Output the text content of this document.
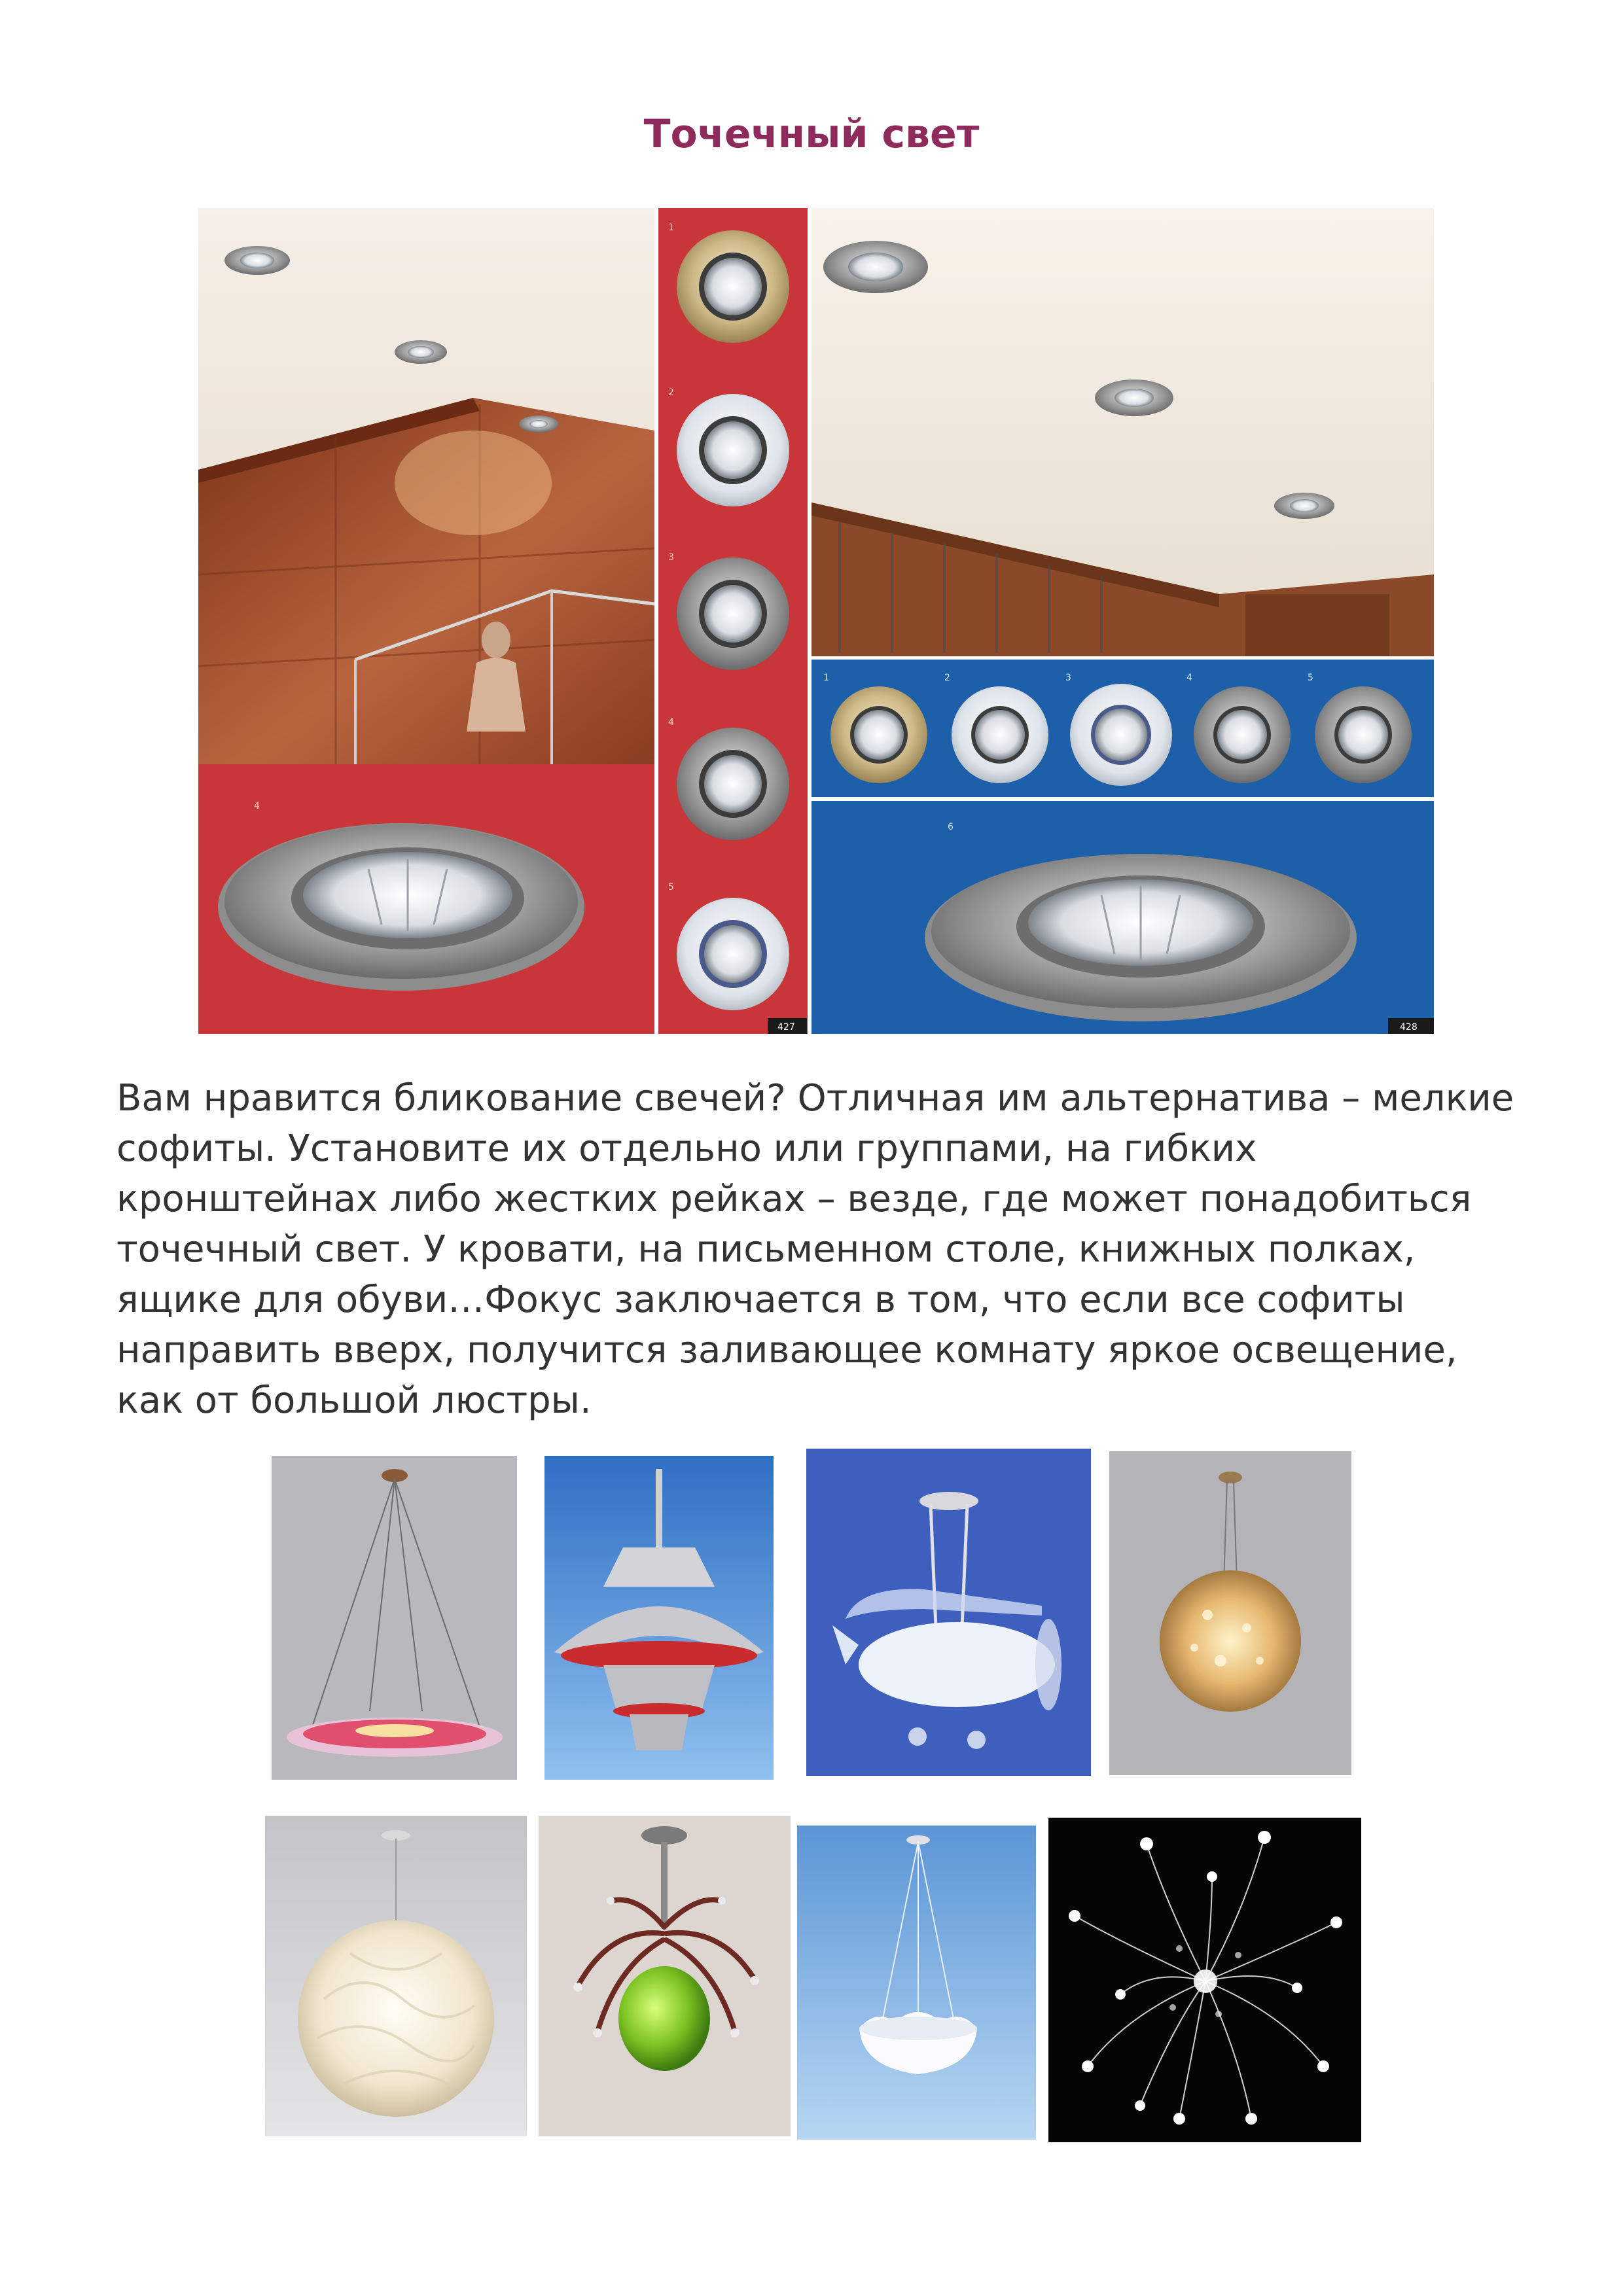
Точечный свет
4
1
2
3
4
5
427
1	2	3	4	5
6
428
Вам нравится бликование свечей? Отличная им альтернатива – мелкие софиты. Установите их отдельно или группами, на гибких кронштейнах либо жестких рейках – везде, где может понадобиться точечный свет. У кровати, на письменном столе, книжных полках, ящике для обуви…Фокус заключается в том, что если все софиты направить вверх, получится заливающее комнату яркое освещение, как от большой люстры.
